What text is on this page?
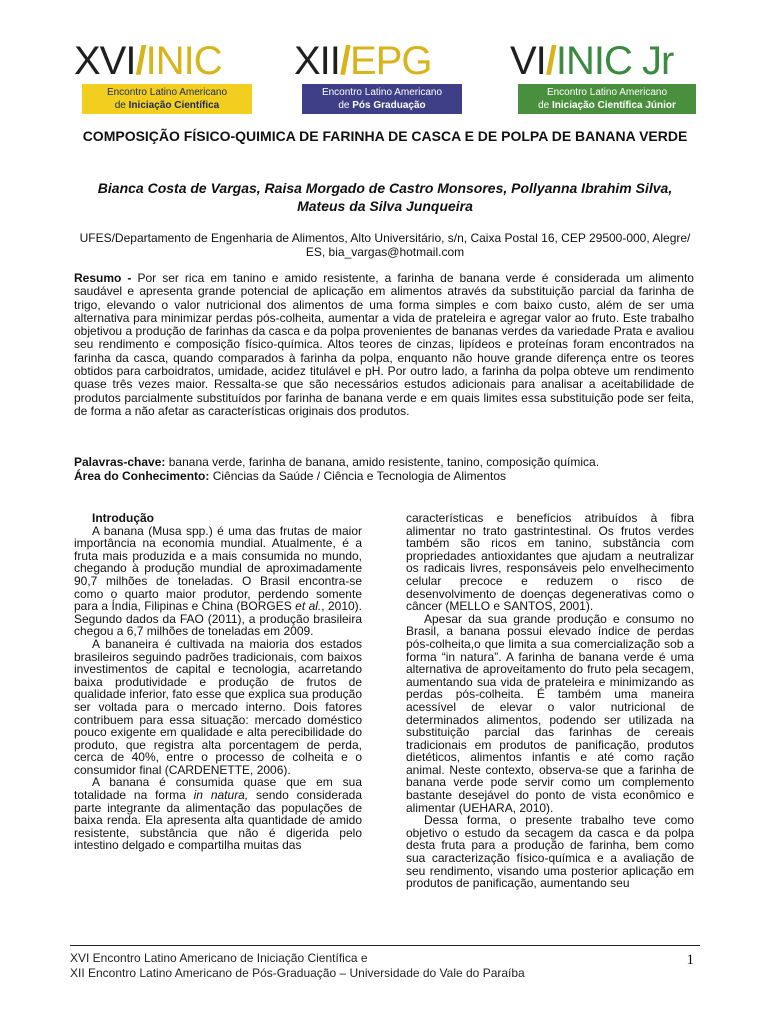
XVI/INIC
Encontro Latino Americano
de Iniciação Científica
XII/EPG
Encontro Latino Americano
de Pós Graduação
VI/INIC Jr
Encontro Latino Americano
de Iniciação Científica Júnior
COMPOSIÇÃO FÍSICO-QUIMICA DE FARINHA DE CASCA E DE POLPA DE BANANA VERDE
Bianca Costa de Vargas, Raisa Morgado de Castro Monsores, Pollyanna Ibrahim Silva, Mateus da Silva Junqueira
UFES/Departamento de Engenharia de Alimentos, Alto Universitário, s/n, Caixa Postal 16, CEP 29500-000, Alegre/ ES, bia_vargas@hotmail.com
Resumo - Por ser rica em tanino e amido resistente, a farinha de banana verde é considerada um alimento saudável e apresenta grande potencial de aplicação em alimentos através da substituição parcial da farinha de trigo, elevando o valor nutricional dos alimentos de uma forma simples e com baixo custo, além de ser uma alternativa para minimizar perdas pós-colheita, aumentar a vida de prateleira e agregar valor ao fruto. Este trabalho objetivou a produção de farinhas da casca e da polpa provenientes de bananas verdes da variedade Prata e avaliou seu rendimento e composição físico-química. Altos teores de cinzas, lipídeos e proteínas foram encontrados na farinha da casca, quando comparados à farinha da polpa, enquanto não houve grande diferença entre os teores obtidos para carboidratos, umidade, acidez titulável e pH. Por outro lado, a farinha da polpa obteve um rendimento quase três vezes maior. Ressalta-se que são necessários estudos adicionais para analisar a aceitabilidade de produtos parcialmente substituídos por farinha de banana verde e em quais limites essa substituição pode ser feita, de forma a não afetar as características originais dos produtos.
Palavras-chave: banana verde, farinha de banana, amido resistente, tanino, composição química.
Área do Conhecimento: Ciências da Saúde / Ciência e Tecnologia de Alimentos

Introdução

A banana (Musa spp.) é uma das frutas de maior importância na economia mundial. Atualmente, é a fruta mais produzida e a mais consumida no mundo, chegando à produção mundial de aproximadamente 90,7 milhões de toneladas. O Brasil encontra-se como o quarto maior produtor, perdendo somente para a Índia, Filipinas e China (BORGES et al., 2010). Segundo dados da FAO (2011), a produção brasileira chegou a 6,7 milhões de toneladas em 2009.

A bananeira é cultivada na maioria dos estados brasileiros seguindo padrões tradicionais, com baixos investimentos de capital e tecnologia, acarretando baixa produtividade e produção de frutos de qualidade inferior, fato esse que explica sua produção ser voltada para o mercado interno. Dois fatores contribuem para essa situação: mercado doméstico pouco exigente em qualidade e alta perecibilidade do produto, que registra alta porcentagem de perda, cerca de 40%, entre o processo de colheita e o consumidor final (CARDENETTE, 2006).

A banana é consumida quase que em sua totalidade na forma in natura, sendo considerada parte integrante da alimentação das populações de baixa renda. Ela apresenta alta quantidade de amido resistente, substância que não é digerida pelo intestino delgado e compartilha muitas das

características e benefícios atribuídos à fibra alimentar no trato gastrintestinal. Os frutos verdes também são ricos em tanino, substância com propriedades antioxidantes que ajudam a neutralizar os radicais livres, responsáveis pelo envelhecimento celular precoce e reduzem o risco de desenvolvimento de doenças degenerativas como o câncer (MELLO e SANTOS, 2001).

Apesar da sua grande produção e consumo no Brasil, a banana possui elevado índice de perdas pós-colheita,o que limita a sua comercialização sob a forma “in natura”. A farinha de banana verde é uma alternativa de aproveitamento do fruto pela secagem, aumentando sua vida de prateleira e minimizando as perdas pós-colheita. É também uma maneira acessível de elevar o valor nutricional de determinados alimentos, podendo ser utilizada na substituição parcial das farinhas de cereais tradicionais em produtos de panificação, produtos dietéticos, alimentos infantis e até como ração animal. Neste contexto, observa-se que a farinha de banana verde pode servir como um complemento bastante desejável do ponto de vista econômico e alimentar (UEHARA, 2010).

Dessa forma, o presente trabalho teve como objetivo o estudo da secagem da casca e da polpa desta fruta para a produção de farinha, bem como sua caracterização físico-química e a avaliação de seu rendimento, visando uma posterior aplicação em produtos de panificação, aumentando seu

XVI Encontro Latino Americano de Iniciação Científica e
XII Encontro Latino Americano de Pós-Graduação – Universidade do Vale do Paraíba
1
